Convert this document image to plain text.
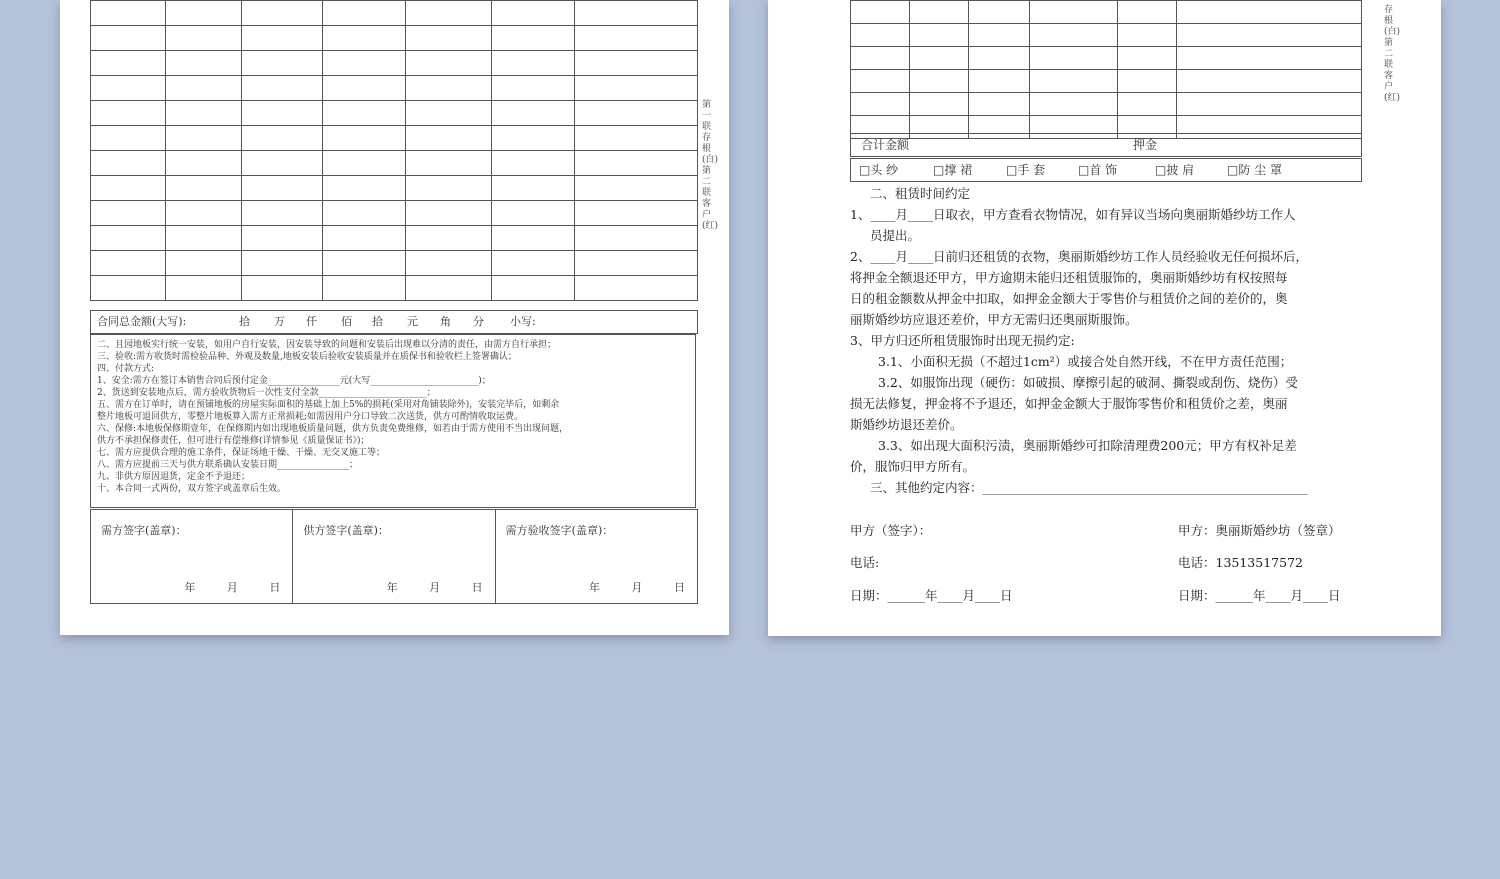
合同总金额(大写):	拾 万 仟 佰 拾 元 角 分 小写:
二、且园地板实行统一安装，如用户自行安装，因安装导致的问题和安装后出现难以分清的责任，由需方自行承担；
三、验收:需方收货时需检验品种、外观及数量,地板安装后验收安装质量并在质保书和验收栏上签署确认；
四、付款方式:
1、安全:需方在签订本销售合同后预付定金________________元(大写________________________)；
2、货送到安装地点后，需方验收货物后一次性支付全款________________________；
五、需方在订单时，请在预铺地板的房屋实际面积的基础上加上5%的损耗(采用对角铺装除外)，安装完毕后，如剩余
整片地板可退回供方，零整片地板算入需方正常损耗;如需因用户分口导致二次送货，供方可酌情收取运费。
六、保修:本地板保修期壹年，在保修期内如出现地板质量问题，供方负责免费维修，如若由于需方使用不当出现问题，
供方不承担保修责任，但可进行有偿维修(详情参见《质量保证书》)；
七、需方应提供合理的施工条件，保证场地干燥、干燥、无交叉施工等；
八、需方应提前三天与供方联系确认安装日期________________；
九、非供方原因退货，定金不予退还；
十、本合同一式两份，双方签字或盖章后生效。
需方签字(盖章)：
年 月 日
供方签字(盖章)：
年 月 日
需方验收签字(盖章)：
年 月 日
第一联存根(白)第二联客户(红)

合计金额	押金
□头 纱	□撑 裙	□手 套	□首 饰	□披 肩	□防 尘 罩

二、租赁时间约定

1、____月____日取衣，甲方查看衣物情况，如有异议当场向奥丽斯婚纱坊工作人

员提出。

2、____月____日前归还租赁的衣物，奥丽斯婚纱坊工作人员经验收无任何损坏后，

将押金全额退还甲方，甲方逾期未能归还租赁服饰的，奥丽斯婚纱坊有权按照每

日的租金额数从押金中扣取，如押金金额大于零售价与租赁价之间的差价的，奥

丽斯婚纱坊应退还差价，甲方无需归还奥丽斯服饰。

3、甲方归还所租赁服饰时出现无损约定:

3.1、小面积无损（不超过1cm²）或接合处自然开线，不在甲方责任范围；

3.2、如服饰出现（硬伤：如破损、摩擦引起的破洞、撕裂或刮伤、烧伤）受

损无法修复，押金将不予退还，如押金金额大于服饰零售价和租赁价之差，奥丽

斯婚纱坊退还差价。

3.3、如出现大面积污渍，奥丽斯婚纱可扣除清理费200元；甲方有权补足差

价，服饰归甲方所有。

三、其他约定内容：____________________________________________________

甲方（签字）：	甲方：奥丽斯婚纱坊（签章）
电话:	电话：13513517572
日期：______年____月____日	日期：______年____月____日
存根(白)第二联客户(红)
